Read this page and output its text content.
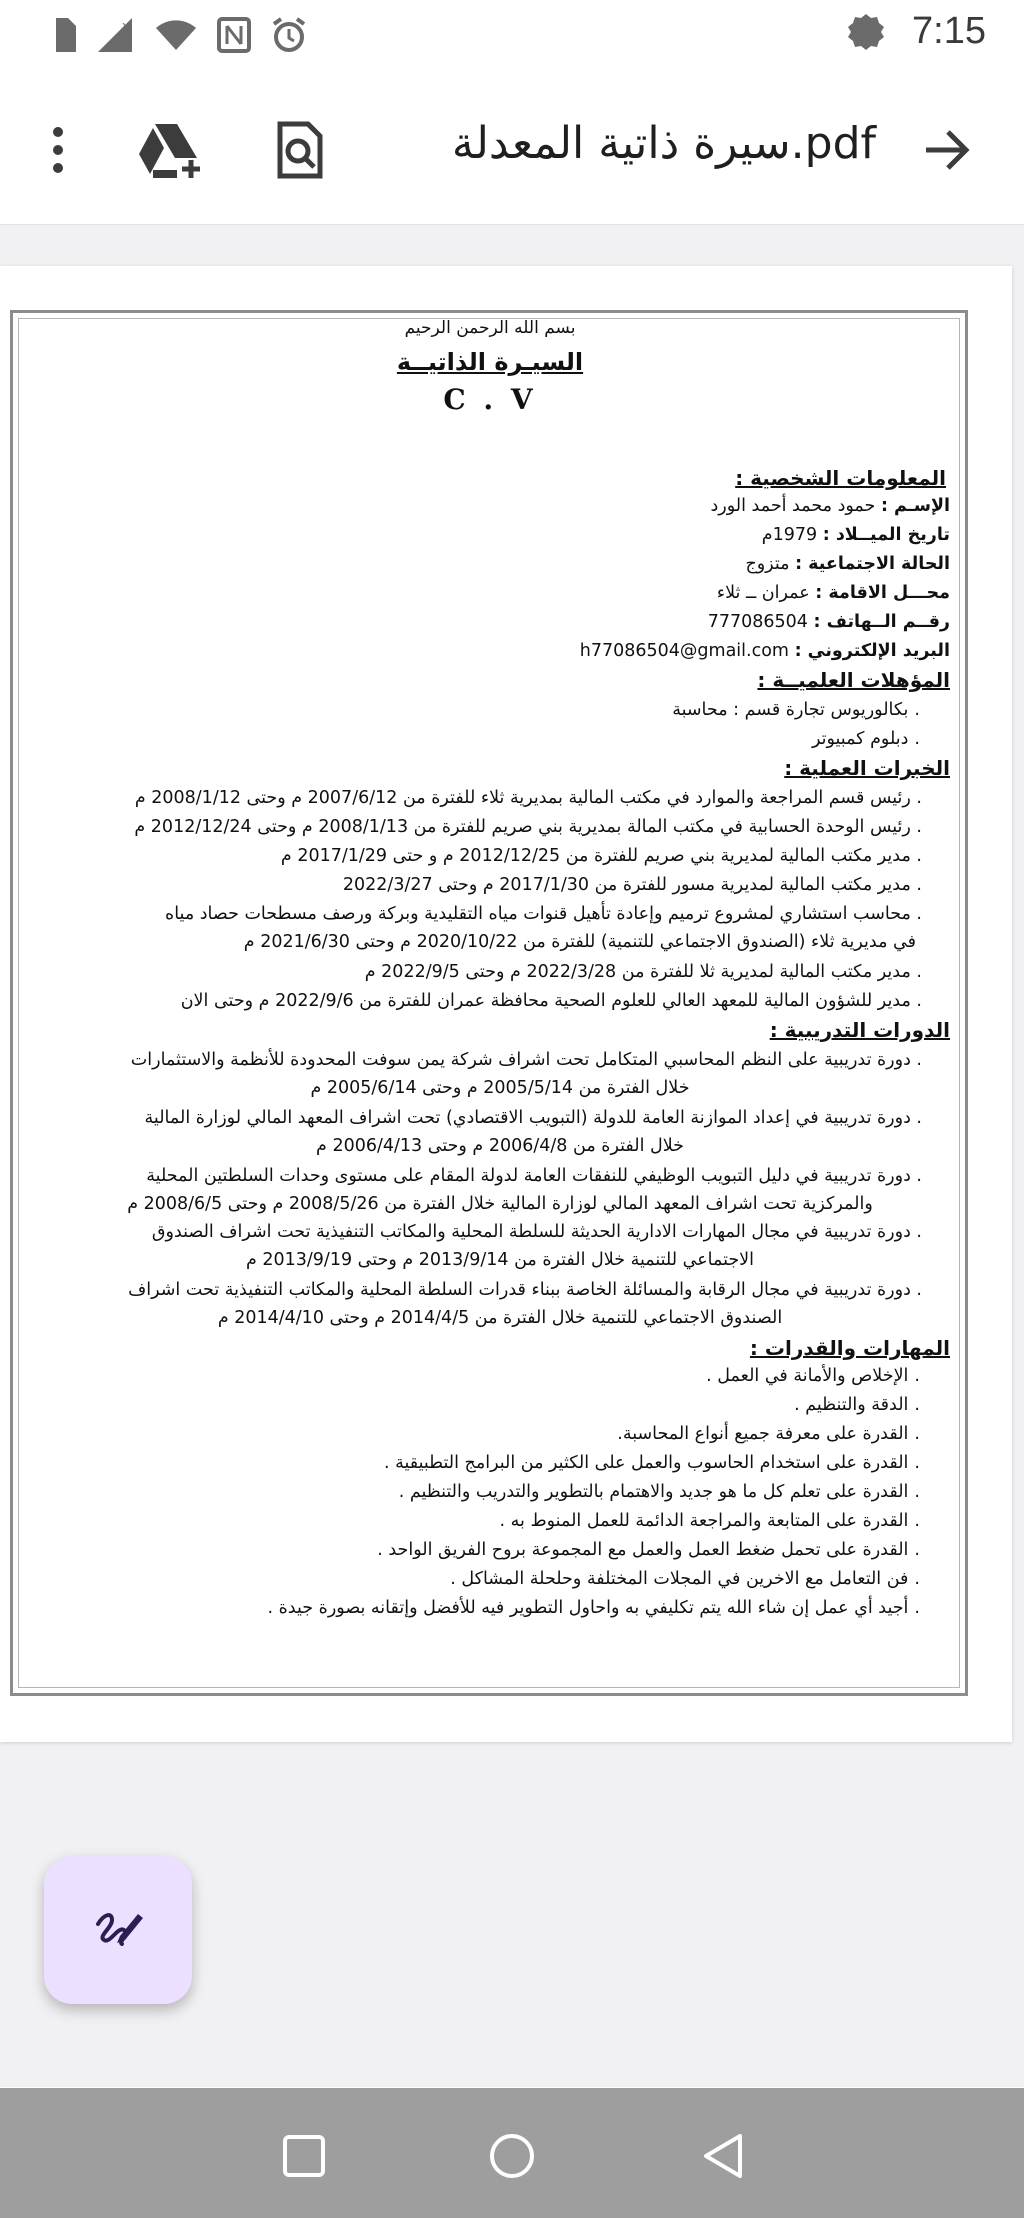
x	7:15
سيرة ذاتية المعدلة.pdf
بسم الله الرحمن الرحيم
السيـرة الذاتيــة
C . V
المعلومات الشخصية :
الإسـم : حمود محمد أحمد الورد
تاريخ الميــلاد : 1979م
الحالة الاجتماعية : متزوج
محـــل الاقامة : عمران ــ ثلاء
رقــم الــهاتف : 777086504
البريد الإلكتروني : h77086504@gmail.com
المؤهلات العلميــة :
. بكالوريوس تجارة قسم : محاسبة
. دبلوم كمبيوتر
الخبرات العملية :
. رئيس قسم المراجعة والموارد في مكتب المالية بمديرية ثلاء للفترة من 2007/6/12 م وحتى 2008/1/12 م
. رئيس الوحدة الحسابية في مكتب المالة بمديرية بني صريم للفترة من 2008/1/13 م وحتى 2012/12/24 م
. مدير مكتب المالية لمديرية بني صريم للفترة من 2012/12/25 م و حتى 2017/1/29 م
. مدير مكتب المالية لمديرية مسور للفترة من 2017/1/30 م وحتى 2022/3/27
. محاسب استشاري لمشروع ترميم وإعادة تأهيل قنوات مياه التقليدية وبركة ورصف مسطحات حصاد مياه
في مديرية ثلاء (الصندوق الاجتماعي للتنمية) للفترة من 2020/10/22 م وحتى 2021/6/30 م
. مدير مكتب المالية لمديرية ثلا للفترة من 2022/3/28 م وحتى 2022/9/5 م
. مدير للشؤون المالية للمعهد العالي للعلوم الصحية محافظة عمران للفترة من 2022/9/6 م وحتى الان
الدورات التدريبية :
. دورة تدريبية على النظم المحاسبي المتكامل تحت اشراف شركة يمن سوفت المحدودة للأنظمة والاستثمارات
خلال الفترة من 2005/5/14 م وحتى 2005/6/14 م
. دورة تدريبية في إعداد الموازنة العامة للدولة (التبويب الاقتصادي) تحت اشراف المعهد المالي لوزارة المالية
خلال الفترة من 2006/4/8 م وحتى 2006/4/13 م
. دورة تدريبية في دليل التبويب الوظيفي للنفقات العامة لدولة المقام على مستوى وحدات السلطتين المحلية
والمركزية تحت اشراف المعهد المالي لوزارة المالية خلال الفترة من 2008/5/26 م وحتى 2008/6/5 م
. دورة تدريبية في مجال المهارات الادارية الحديثة للسلطة المحلية والمكاتب التنفيذية تحت اشراف الصندوق
الاجتماعي للتنمية خلال الفترة من 2013/9/14 م وحتى 2013/9/19 م
. دورة تدريبية في مجال الرقابة والمسائلة الخاصة ببناء قدرات السلطة المحلية والمكاتب التنفيذية تحت اشراف
الصندوق الاجتماعي للتنمية خلال الفترة من 2014/4/5 م وحتى 2014/4/10 م
المهارات والقدرات :
. الإخلاص والأمانة في العمل .
. الدقة والتنظيم .
. القدرة على معرفة جميع أنواع المحاسبة.
. القدرة على استخدام الحاسوب والعمل على الكثير من البرامج التطبيقية .
. القدرة على تعلم كل ما هو جديد والاهتمام بالتطوير والتدريب والتنظيم .
. القدرة على المتابعة والمراجعة الدائمة للعمل المنوط به .
. القدرة على تحمل ضغط العمل والعمل مع المجموعة بروح الفريق الواحد .
. فن التعامل مع الاخرين في المجلات المختلفة وحلحلة المشاكل .
. أجيد أي عمل إن شاء الله يتم تكليفي به واحاول التطوير فيه للأفضل وإتقانه بصورة جيدة .
